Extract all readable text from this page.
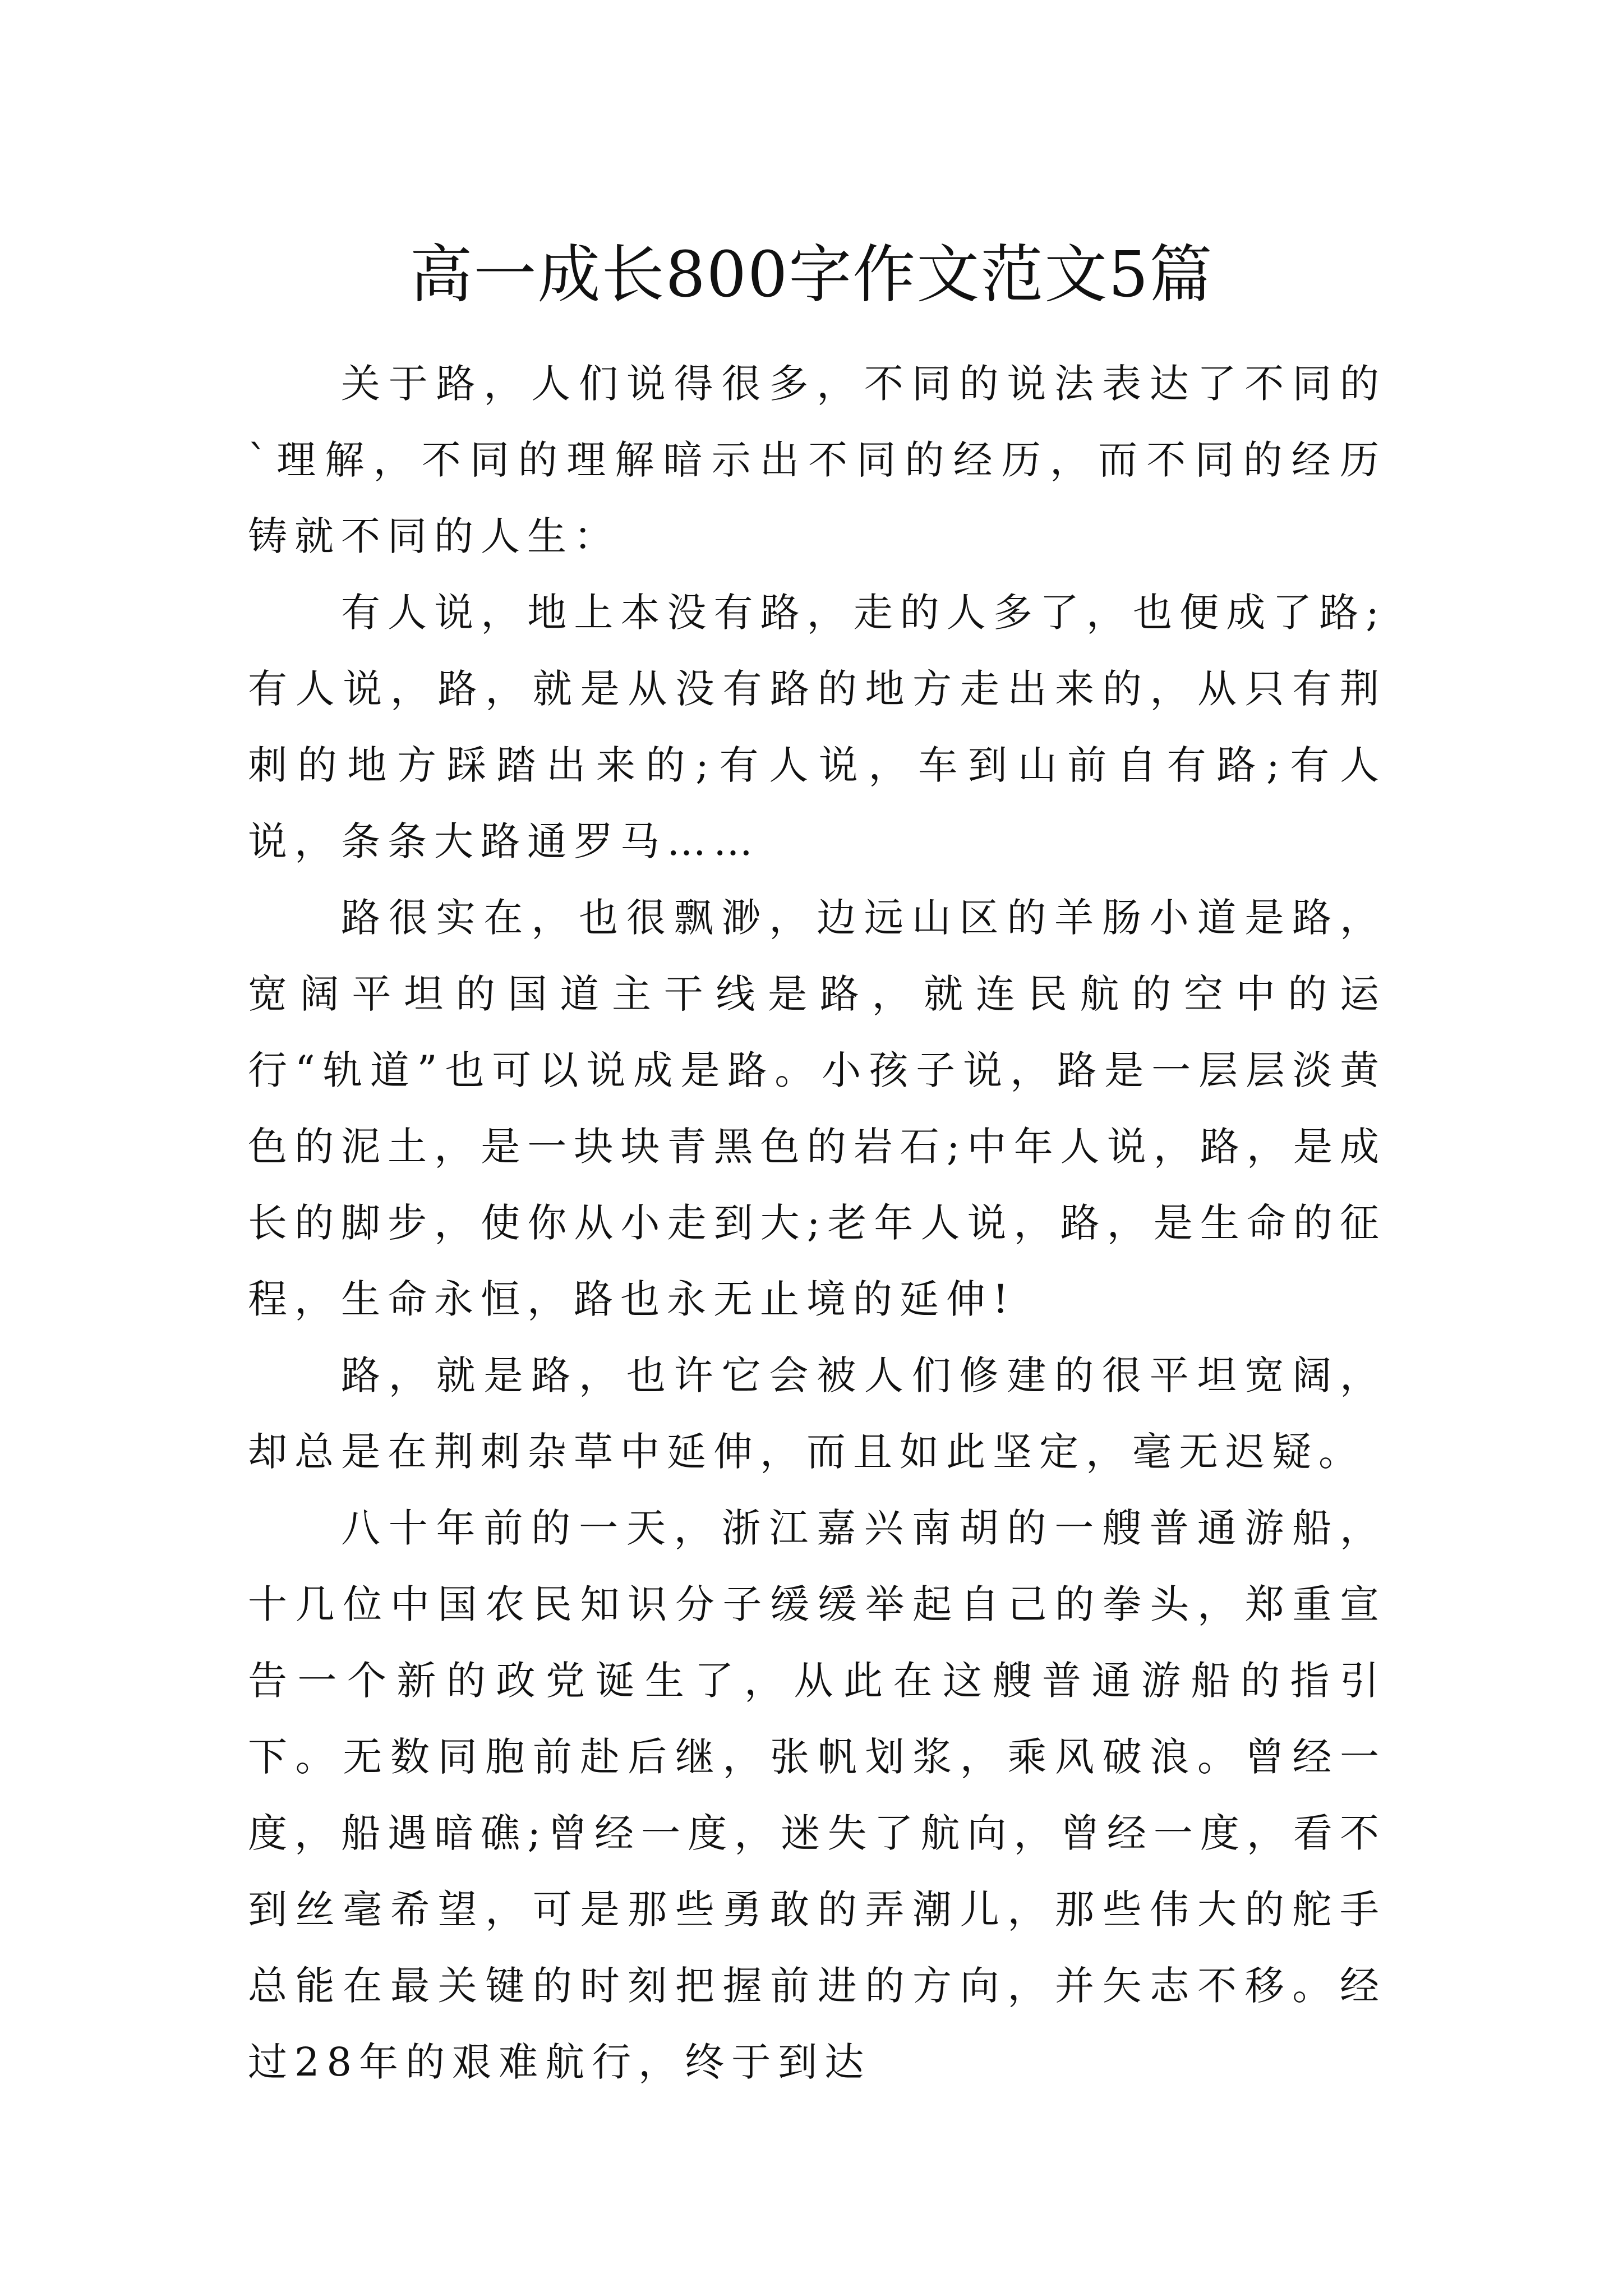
高一成长800字作文范文5篇

关于路，人们说得很多，不同的说法表达了不同的`理解，不同的理解暗示出不同的经历，而不同的经历铸就不同的人生：

有人说，地上本没有路，走的人多了，也便成了路;有人说，路，就是从没有路的地方走出来的，从只有荆刺的地方踩踏出来的;有人说，车到山前自有路;有人说，条条大路通罗马……

路很实在，也很飘渺，边远山区的羊肠小道是路，宽阔平坦的国道主干线是路，就连民航的空中的运行“轨道”也可以说成是路。小孩子说，路是一层层淡黄色的泥土，是一块块青黑色的岩石;中年人说，路，是成长的脚步，使你从小走到大;老年人说，路，是生命的征程，生命永恒，路也永无止境的延伸!

路，就是路，也许它会被人们修建的很平坦宽阔，却总是在荆刺杂草中延伸，而且如此坚定，毫无迟疑。

八十年前的一天，浙江嘉兴南胡的一艘普通游船，十几位中国农民知识分子缓缓举起自己的拳头，郑重宣告一个新的政党诞生了，从此在这艘普通游船的指引下。无数同胞前赴后继，张帆划浆，乘风破浪。曾经一度，船遇暗礁;曾经一度，迷失了航向，曾经一度，看不到丝毫希望，可是那些勇敢的弄潮儿，那些伟大的舵手总能在最关键的时刻把握前进的方向，并矢志不移。经过28年的艰难航行，终于到达
